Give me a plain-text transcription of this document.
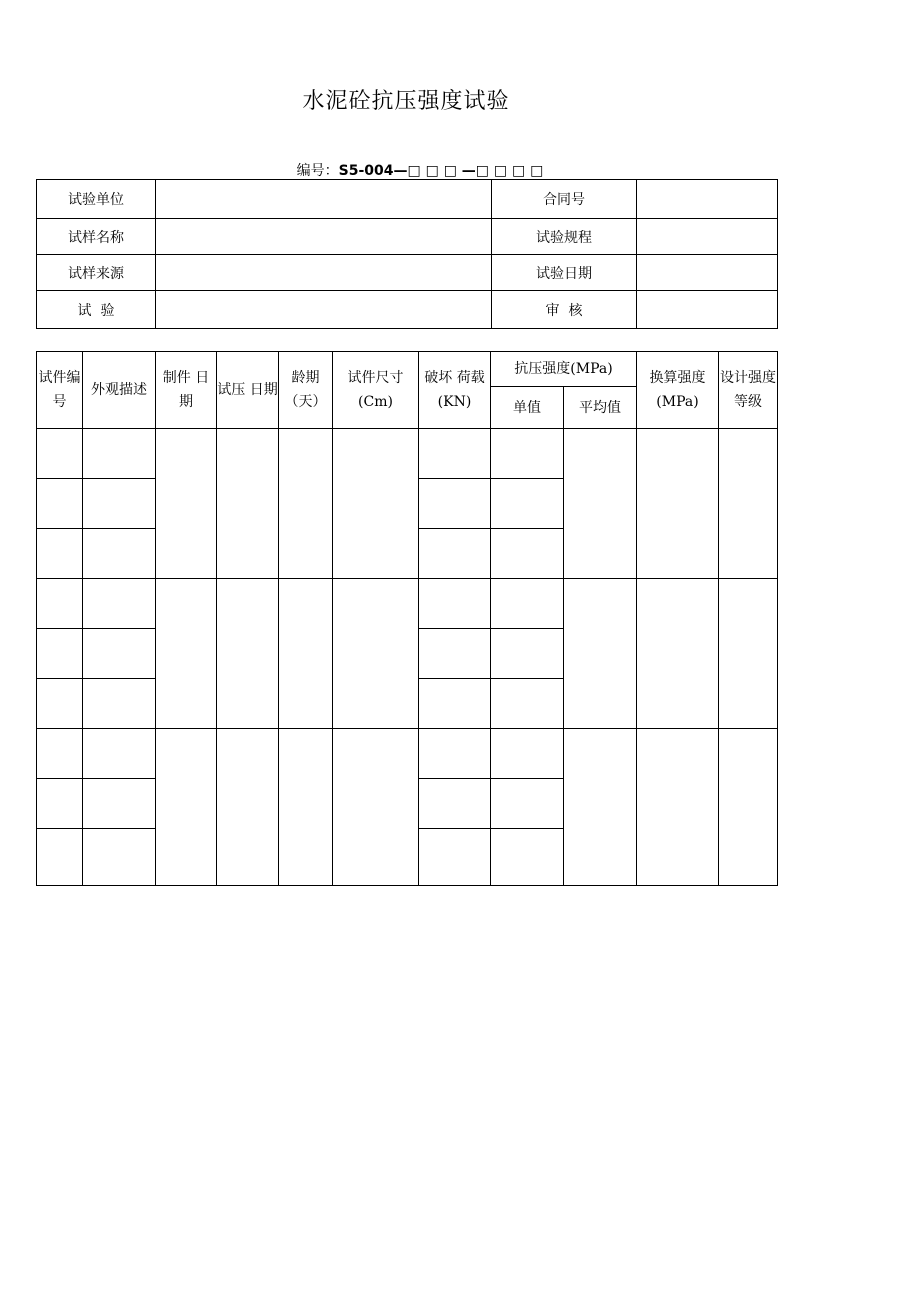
水泥砼抗压强度试验
编号：S5-004—□ □ □ —□ □ □ □
试验单位		合同号	
试样名称		试验规程	
试样来源		试验日期	
试  验		审  核	
试件编号	外观描述	制件 日期	试压 日期	龄期（天）	试件尺寸(Cm)	破坏 荷载(KN)	抗压强度(MPa)		换算强度(MPa)	设计强度等级
							单值	平均值		
